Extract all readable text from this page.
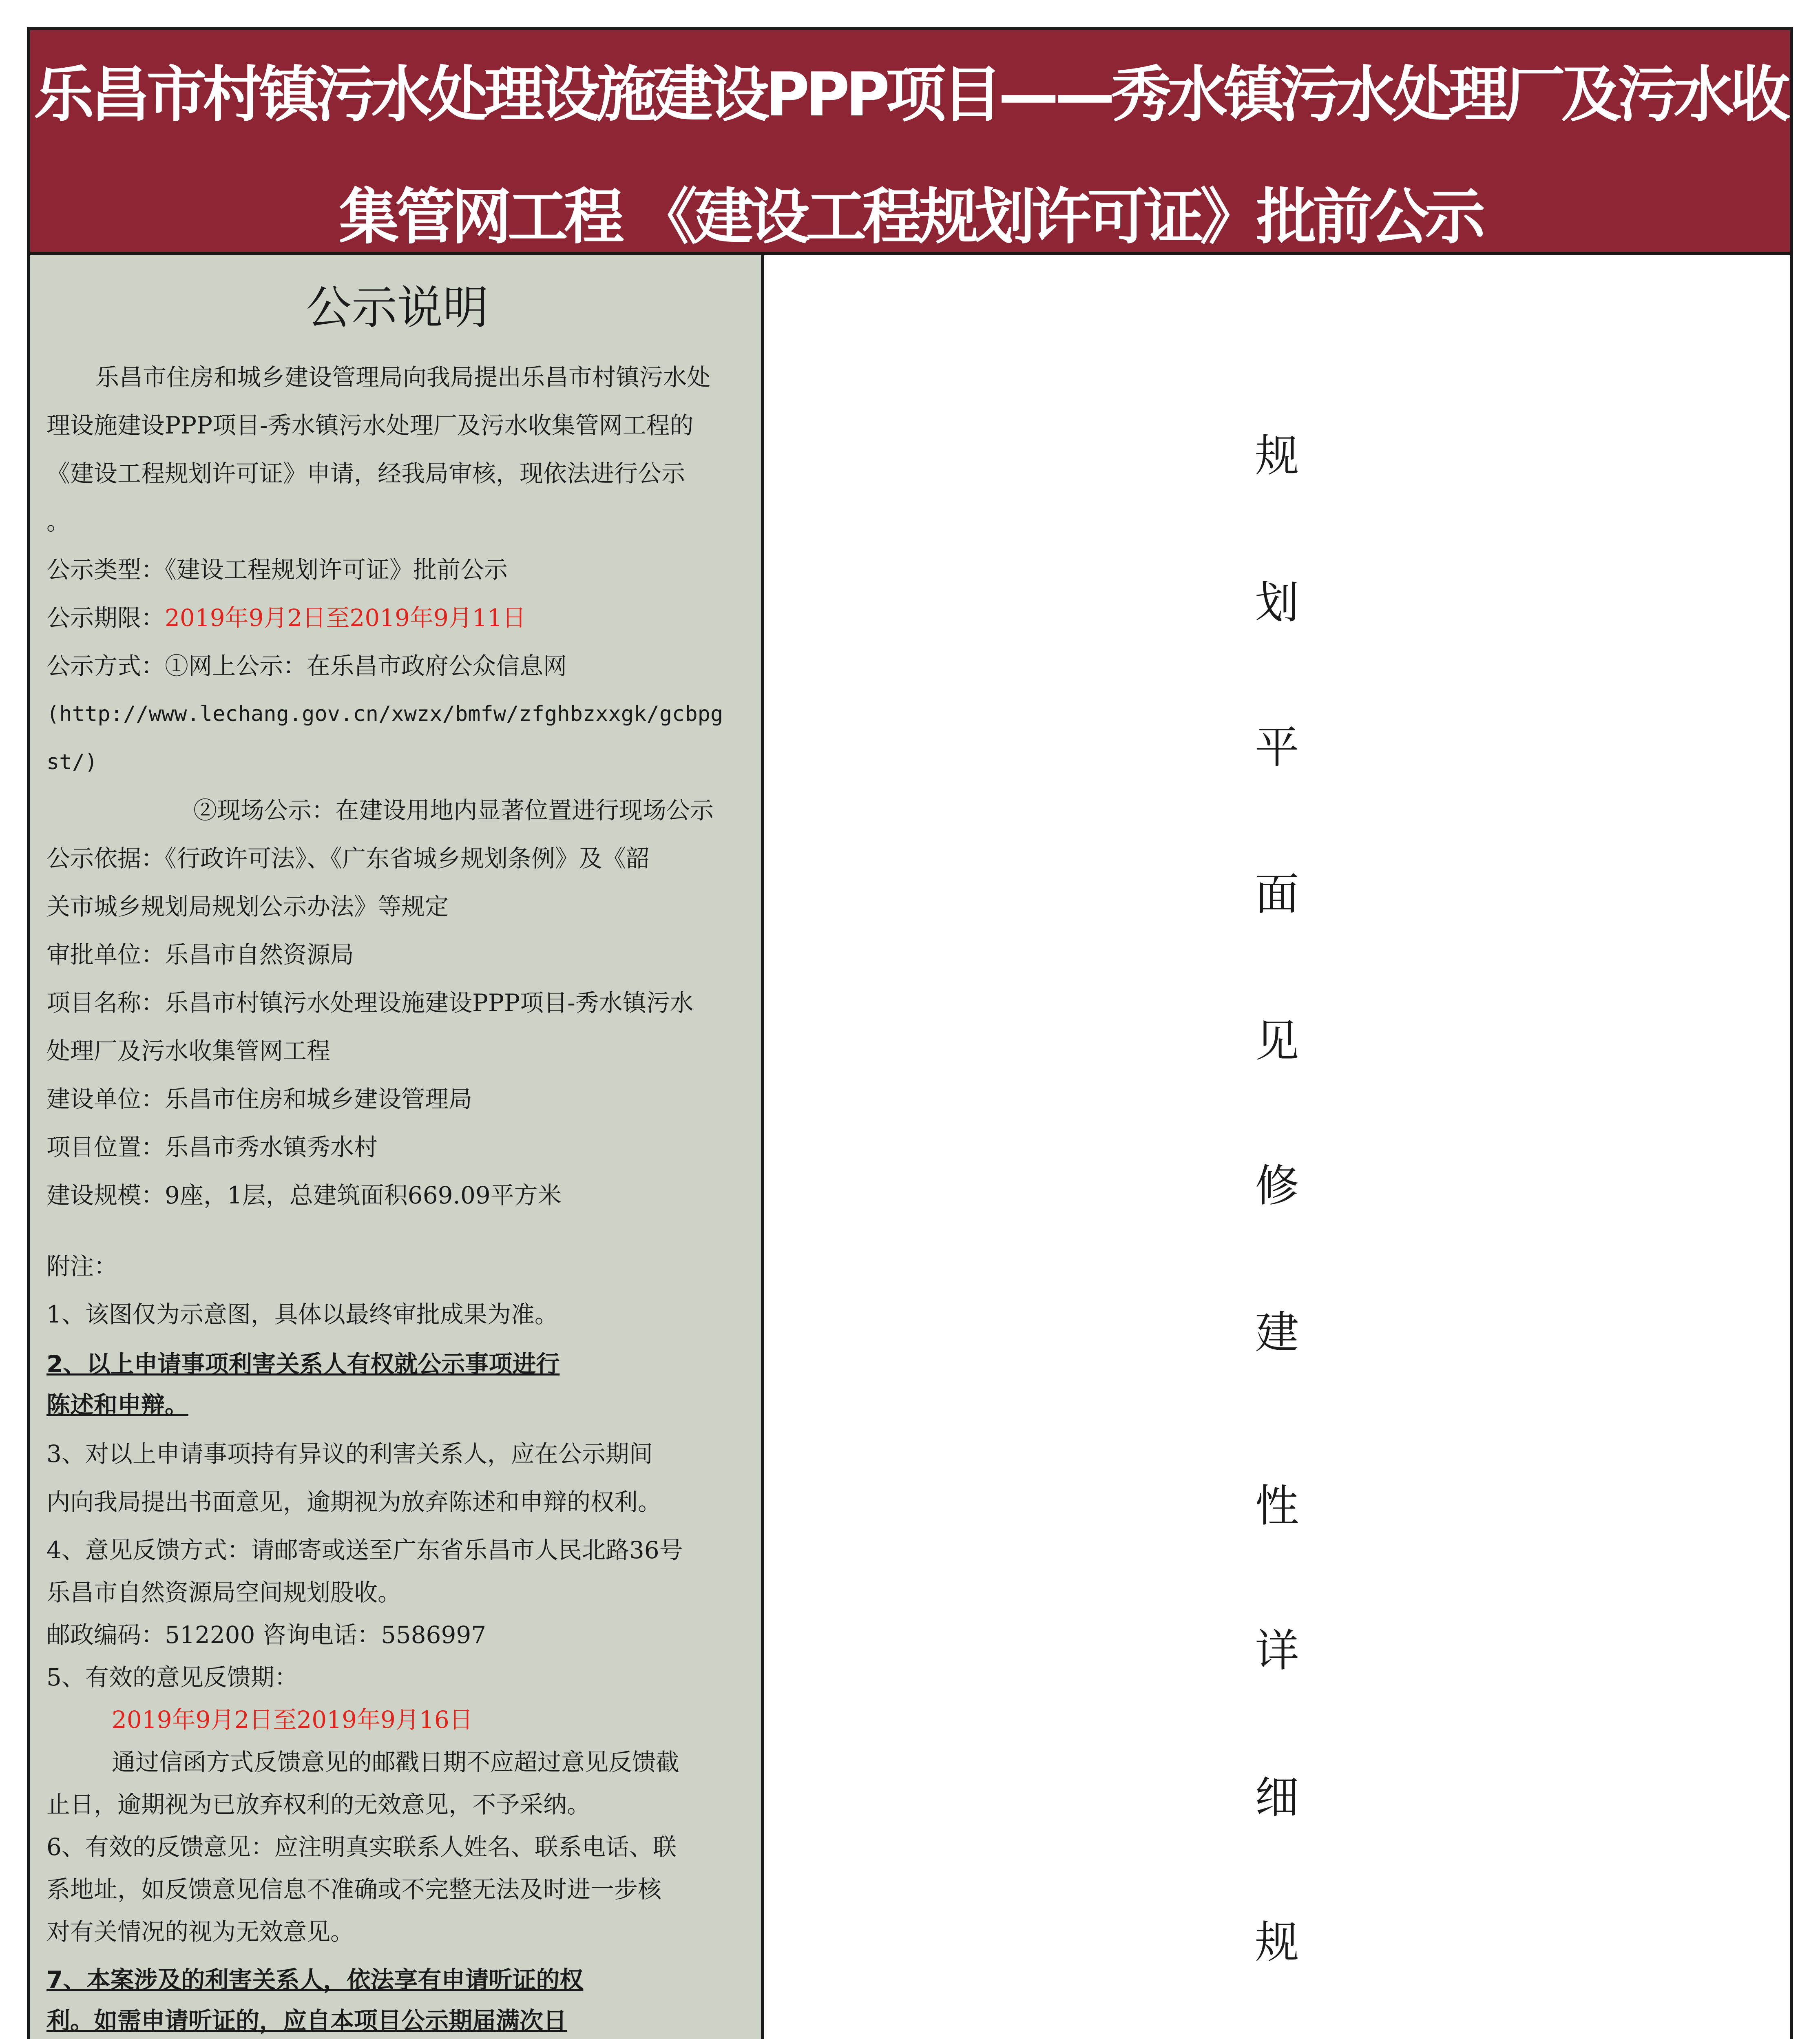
乐昌市村镇污水处理设施建设PPP项目——秀水镇污水处理厂及污水收
集管网工程 《建设工程规划许可证》批前公示
公示说明
乐昌市住房和城乡建设管理局向我局提出乐昌市村镇污水处
理设施建设PPP项目-秀水镇污水处理厂及污水收集管网工程的
《建设工程规划许可证》申请，经我局审核，现依法进行公示
。
公示类型：《建设工程规划许可证》批前公示
公示期限：2019年9月2日至2019年9月11日
公示方式：①网上公示：在乐昌市政府公众信息网
(http://www.lechang.gov.cn/xwzx/bmfw/zfghbzxxgk/gcbpg
st/)
②现场公示：在建设用地内显著位置进行现场公示
公示依据：《行政许可法》、《广东省城乡规划条例》及《韶
关市城乡规划局规划公示办法》等规定
审批单位：乐昌市自然资源局
项目名称：乐昌市村镇污水处理设施建设PPP项目-秀水镇污水
处理厂及污水收集管网工程
建设单位：乐昌市住房和城乡建设管理局
项目位置：乐昌市秀水镇秀水村
建设规模：9座，1层，总建筑面积669.09平方米
附注：
1、该图仅为示意图，具体以最终审批成果为准。
2、以上申请事项利害关系人有权就公示事项进行
陈述和申辩。
3、对以上申请事项持有异议的利害关系人，应在公示期间
内向我局提出书面意见，逾期视为放弃陈述和申辩的权利。
4、意见反馈方式：请邮寄或送至广东省乐昌市人民北路36号
乐昌市自然资源局空间规划股收。
邮政编码：512200 咨询电话：5586997
5、有效的意见反馈期：
2019年9月2日至2019年9月16日
通过信函方式反馈意见的邮戳日期不应超过意见反馈截
止日，逾期视为已放弃权利的无效意见，不予采纳。
6、有效的反馈意见：应注明真实联系人姓名、联系电话、联
系地址，如反馈意见信息不准确或不完整无法及时进一步核
对有关情况的视为无效意见。
7、本案涉及的利害关系人，依法享有申请听证的权
利。如需申请听证的，应自本项目公示期届满次日
规
划
平
面
见
修
建
性
详
细
规
